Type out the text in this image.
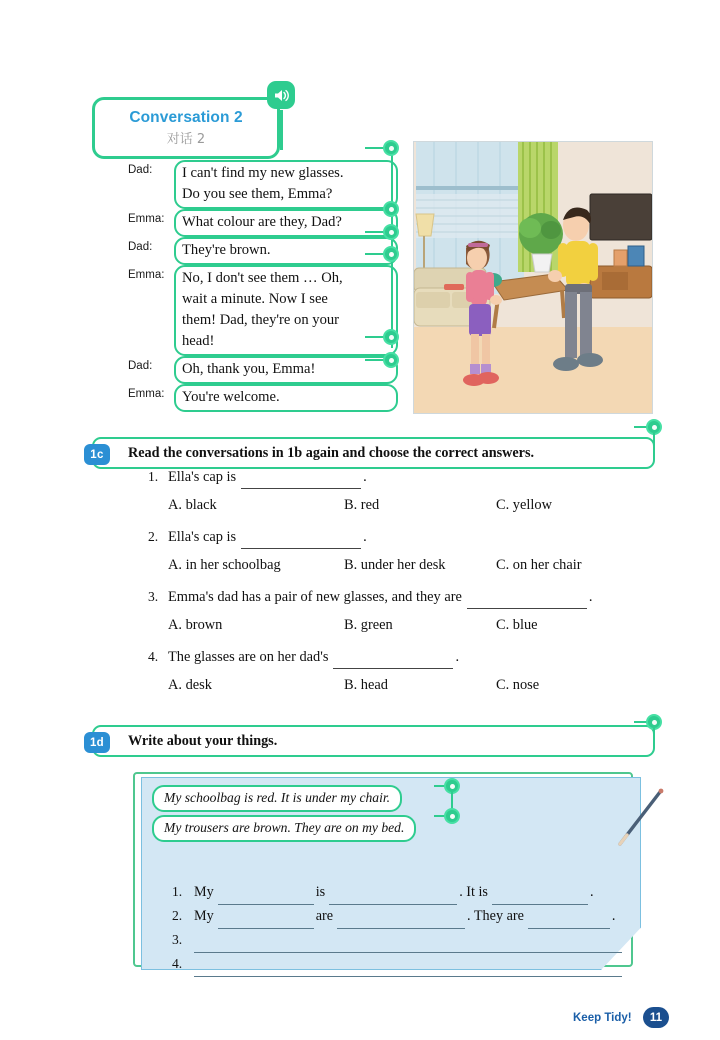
Conversation 2
对话 2
Dad:	I can't find my new glasses.

Do you see them, Emma?

Emma:	What colour are they, Dad?

Dad:	They're brown.

Emma:	No, I don't see them … Oh,

wait a minute. Now I see

them! Dad, they're on your

head!

Dad:	Oh, thank you, Emma!

Emma:	You're welcome.

1c	Read the conversations in 1b again and choose the correct answers.
1. Ella's cap is	.
A. black	B. red	C. yellow
2. Ella's cap is	.
A. in her schoolbag	B. under her desk	C. on her chair
3. Emma's dad has a pair of new glasses, and they are	.
A. brown	B. green	C. blue
4. The glasses are on her dad's	.
A. desk	B. head	C. nose
1d	Write about your things.
My schoolbag is red. It is under my chair.
My trousers are brown. They are on my bed.
1. My	is	. It is	.
2. My	are	. They are	.
3.
4.
Keep Tidy!	11
